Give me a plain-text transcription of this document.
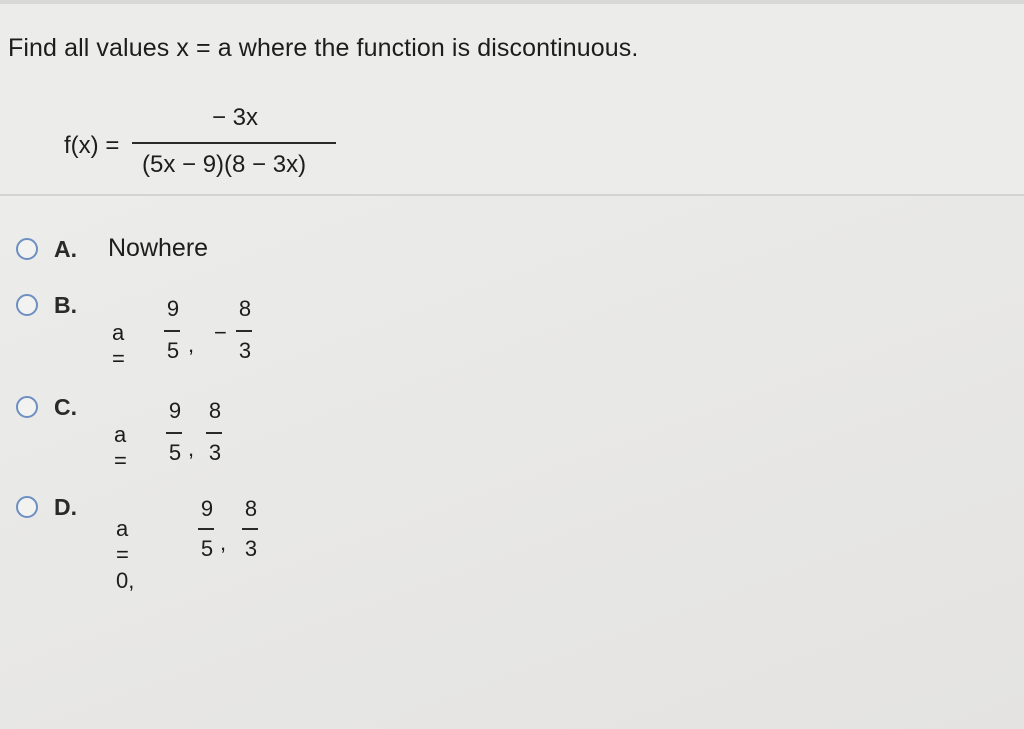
Find all values x = a where the function is discontinuous.
f(x) =
− 3x
(5x − 9)(8 − 3x)
A. Nowhere
B.
a =
9
5 , −
8
3
C.
a =
9
5 ,
8
3
D.
a = 0,
9
5 ,
8
3
